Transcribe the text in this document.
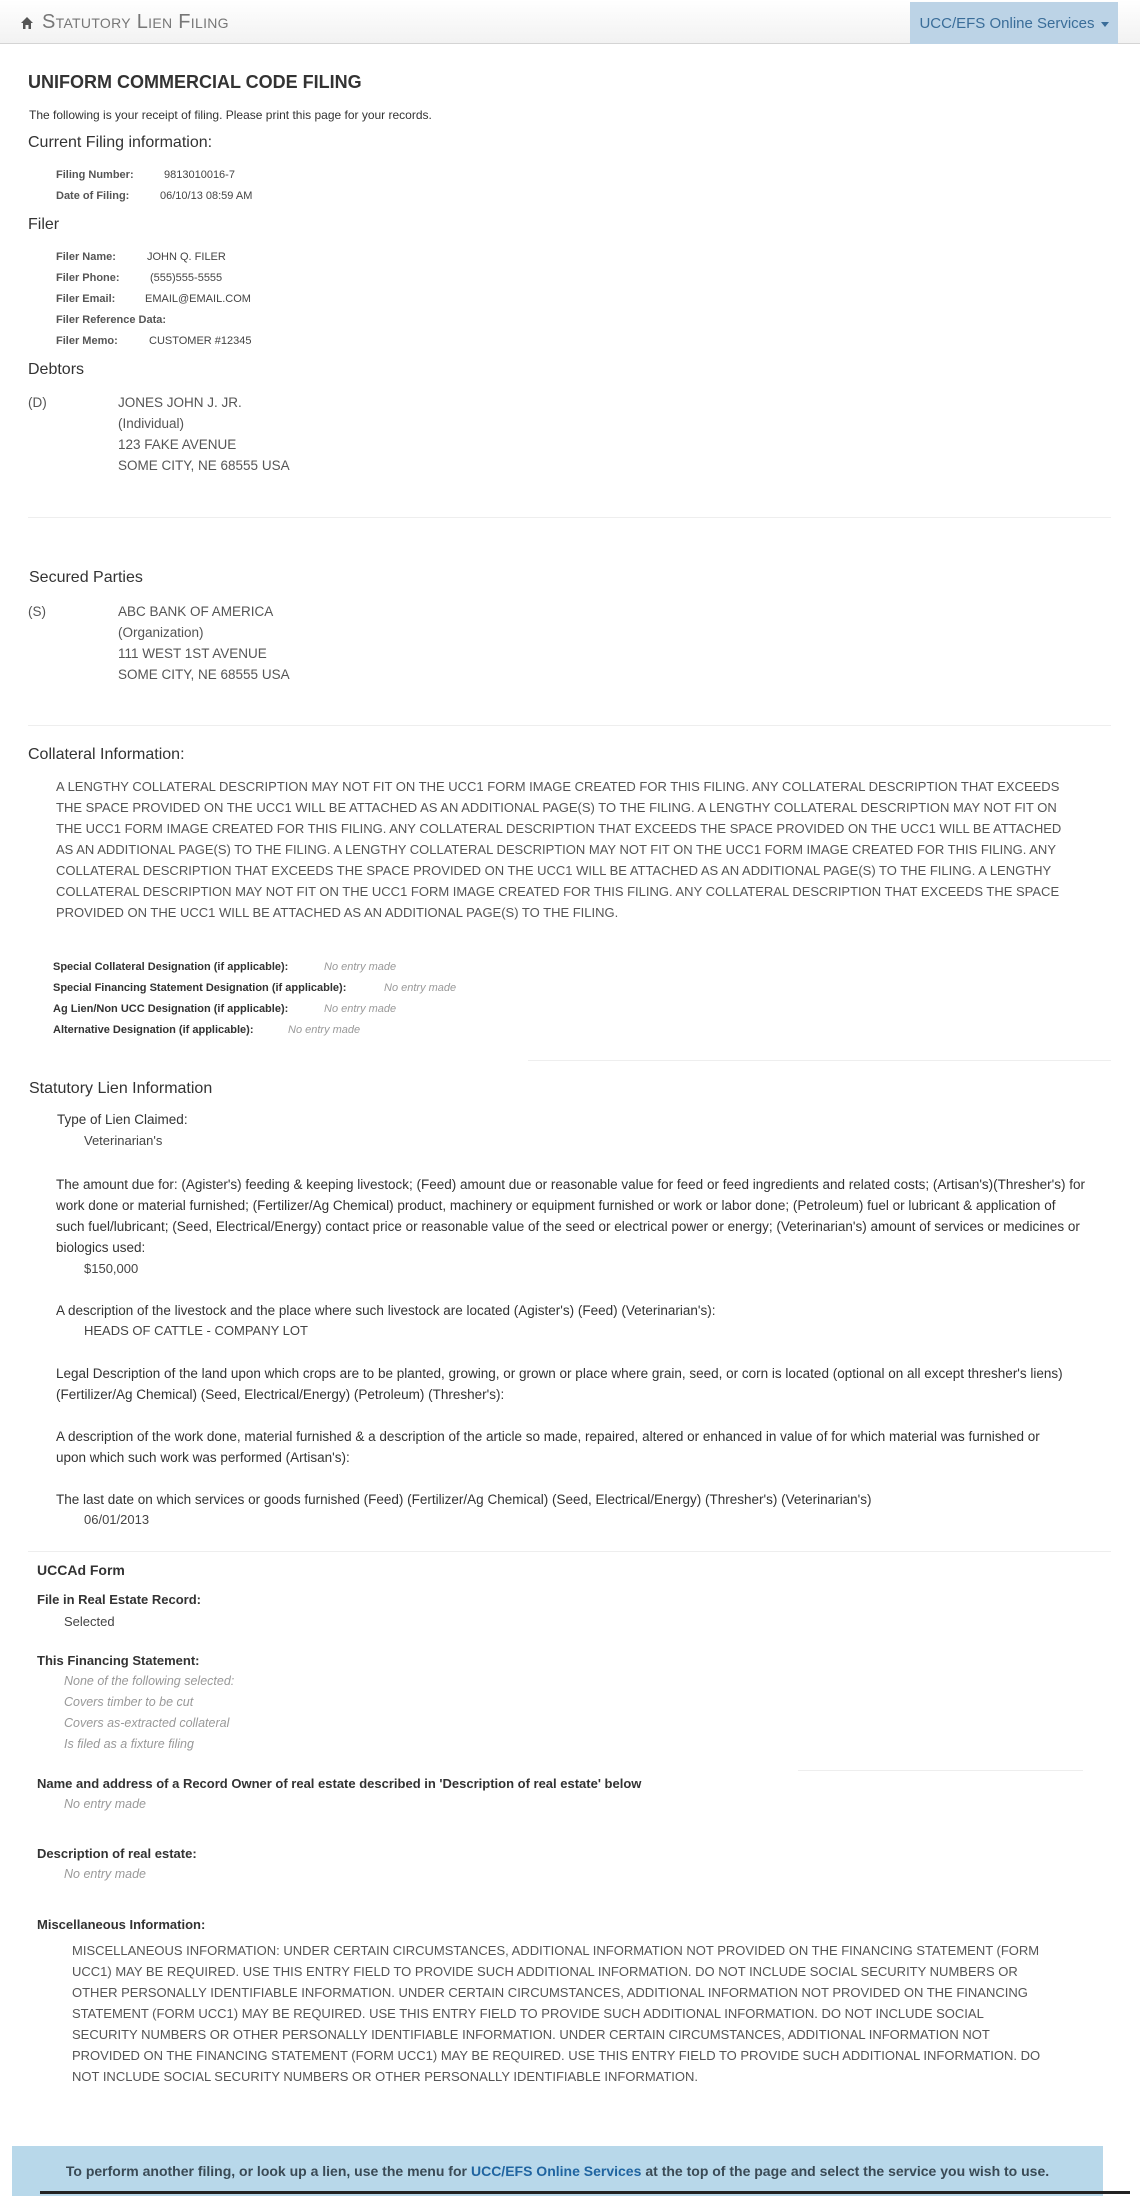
Statutory Lien Filing	UCC/EFS Online Services
UNIFORM COMMERCIAL CODE FILING
The following is your receipt of filing. Please print this page for your records.
Current Filing information:
Filing Number:	9813010016-7
Date of Filing:	06/10/13 08:59 AM
Filer
Filer Name:	JOHN Q. FILER
Filer Phone:	(555)555-5555
Filer Email:	EMAIL@EMAIL.COM
Filer Reference Data:
Filer Memo:	CUSTOMER #12345
Debtors
(D)	JONES JOHN J. JR.
(Individual)
123 FAKE AVENUE
SOME CITY, NE 68555 USA
Secured Parties
(S)	ABC BANK OF AMERICA
(Organization)
111 WEST 1ST AVENUE
SOME CITY, NE 68555 USA
Collateral Information:
A LENGTHY COLLATERAL DESCRIPTION MAY NOT FIT ON THE UCC1 FORM IMAGE CREATED FOR THIS FILING. ANY COLLATERAL DESCRIPTION THAT EXCEEDS THE SPACE PROVIDED ON THE UCC1 WILL BE ATTACHED AS AN ADDITIONAL PAGE(S) TO THE FILING. A LENGTHY COLLATERAL DESCRIPTION MAY NOT FIT ON THE UCC1 FORM IMAGE CREATED FOR THIS FILING. ANY COLLATERAL DESCRIPTION THAT EXCEEDS THE SPACE PROVIDED ON THE UCC1 WILL BE ATTACHED AS AN ADDITIONAL PAGE(S) TO THE FILING. A LENGTHY COLLATERAL DESCRIPTION MAY NOT FIT ON THE UCC1 FORM IMAGE CREATED FOR THIS FILING. ANY COLLATERAL DESCRIPTION THAT EXCEEDS THE SPACE PROVIDED ON THE UCC1 WILL BE ATTACHED AS AN ADDITIONAL PAGE(S) TO THE FILING. A LENGTHY COLLATERAL DESCRIPTION MAY NOT FIT ON THE UCC1 FORM IMAGE CREATED FOR THIS FILING. ANY COLLATERAL DESCRIPTION THAT EXCEEDS THE SPACE PROVIDED ON THE UCC1 WILL BE ATTACHED AS AN ADDITIONAL PAGE(S) TO THE FILING.
Special Collateral Designation (if applicable):	No entry made
Special Financing Statement Designation (if applicable):	No entry made
Ag Lien/Non UCC Designation (if applicable):	No entry made
Alternative Designation (if applicable):	No entry made
Statutory Lien Information
Type of Lien Claimed:
Veterinarian's
The amount due for: (Agister's) feeding & keeping livestock; (Feed) amount due or reasonable value for feed or feed ingredients and related costs; (Artisan's)(Thresher's) for work done or material furnished; (Fertilizer/Ag Chemical) product, machinery or equipment furnished or work or labor done; (Petroleum) fuel or lubricant & application of such fuel/lubricant; (Seed, Electrical/Energy) contact price or reasonable value of the seed or electrical power or energy; (Veterinarian's) amount of services or medicines or biologics used:
$150,000
A description of the livestock and the place where such livestock are located (Agister's) (Feed) (Veterinarian's):
HEADS OF CATTLE - COMPANY LOT
Legal Description of the land upon which crops are to be planted, growing, or grown or place where grain, seed, or corn is located (optional on all except thresher's liens) (Fertilizer/Ag Chemical) (Seed, Electrical/Energy) (Petroleum) (Thresher's):
A description of the work done, material furnished & a description of the article so made, repaired, altered or enhanced in value of for which material was furnished or upon which such work was performed (Artisan's):
The last date on which services or goods furnished (Feed) (Fertilizer/Ag Chemical) (Seed, Electrical/Energy) (Thresher's) (Veterinarian's)
06/01/2013
UCCAd Form
File in Real Estate Record:
Selected
This Financing Statement:
None of the following selected:
Covers timber to be cut
Covers as-extracted collateral
Is filed as a fixture filing
Name and address of a Record Owner of real estate described in 'Description of real estate' below
No entry made
Description of real estate:
No entry made
Miscellaneous Information:
MISCELLANEOUS INFORMATION: UNDER CERTAIN CIRCUMSTANCES, ADDITIONAL INFORMATION NOT PROVIDED ON THE FINANCING STATEMENT (FORM UCC1) MAY BE REQUIRED. USE THIS ENTRY FIELD TO PROVIDE SUCH ADDITIONAL INFORMATION. DO NOT INCLUDE SOCIAL SECURITY NUMBERS OR OTHER PERSONALLY IDENTIFIABLE INFORMATION. UNDER CERTAIN CIRCUMSTANCES, ADDITIONAL INFORMATION NOT PROVIDED ON THE FINANCING STATEMENT (FORM UCC1) MAY BE REQUIRED. USE THIS ENTRY FIELD TO PROVIDE SUCH ADDITIONAL INFORMATION. DO NOT INCLUDE SOCIAL SECURITY NUMBERS OR OTHER PERSONALLY IDENTIFIABLE INFORMATION. UNDER CERTAIN CIRCUMSTANCES, ADDITIONAL INFORMATION NOT PROVIDED ON THE FINANCING STATEMENT (FORM UCC1) MAY BE REQUIRED. USE THIS ENTRY FIELD TO PROVIDE SUCH ADDITIONAL INFORMATION. DO NOT INCLUDE SOCIAL SECURITY NUMBERS OR OTHER PERSONALLY IDENTIFIABLE INFORMATION.
To perform another filing, or look up a lien, use the menu for UCC/EFS Online Services at the top of the page and select the service you wish to use.
